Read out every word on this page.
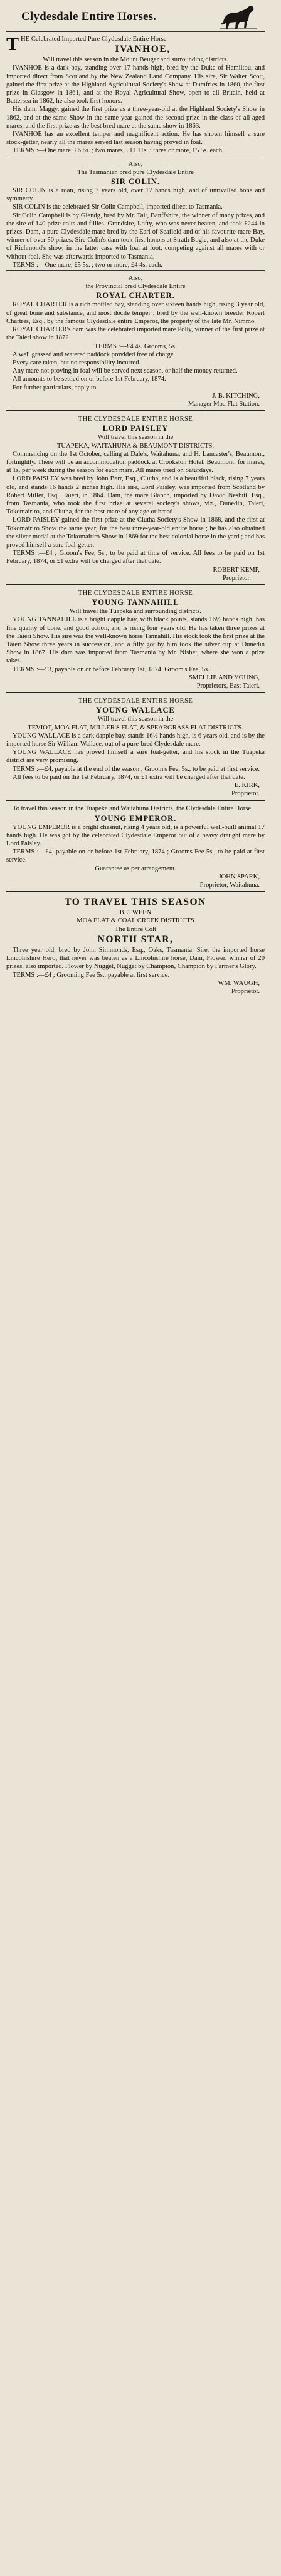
Clydesdale Entire Horses.

THE Celebrated Imported Pure Clydesdale Entire Horse

IVANHOE,

Will travel this season in the Mount Beuger and surrounding districts.

IVANHOE is a dark bay, standing over 17 hands high, bred by the Duke of Hamiltou, and imported direct from Scotland by the New Zealand Land Company. His sire, Sir Walter Scott, gained the first prize at the Highland Agricultural Society's Show at Dumfries in 1860, the first prize in Glasgow in 1861, and at the Royal Agricultural Show, open to all Britain, held at Battersea in 1862, he also took first honors.

His dam, Maggy, gained the first prize as a three-year-old at the Highland Society's Show in 1862, and at the same Show in the same year gained the second prize in the class of all-aged mares, and the first prize as the best bred mare at the same show in 1863.

IVANHOE has an excellent temper and magnificent action. He has shown himself a sure stock-getter, nearly all the mares served last season having proved in foal.

TERMS :—One mare, £6 6s. ; two mares, £11 11s. ; three or more, £5 5s. each.

Also,

The Tasmanian bred pure Clydesdale Entire

SIR COLIN.

SIR COLIN is a roan, rising 7 years old, over 17 hands high, and of unrivalled bone and symmetry.

SIR COLIN is the celebrated Sir Colin Campbell, imported direct to Tasmania.

Sir Colin Campbell is by Glendg, bred by Mr. Tait, Banffshire, the winner of many prizes, and the sire of 140 prize colts and fillies. Grandsire, Lofty, who was never beaten, and took £244 in prizes. Dam, a pure Clydesdale mare bred by the Earl of Seafield and of his favourite mare Bay, winner of over 50 prizes. Sire Colin's dam took first honors at Strath Bogie, and also at the Duke of Richmond's show, in the latter case with foal at foot, competing against all mares with or without foal. She was afterwards imported to Tasmania.

TERMS :—One mare, £5 5s. ; two or more, £4 4s. each.

Also,

the Provincial bred Clydesdale Entire

ROYAL CHARTER.

ROYAL CHARTER is a rich mottled bay, standing over sixteen hands high, rising 3 year old, of great bone and substance, and most docile temper ; bred by the well-known breeder Robert Chartres, Esq., by the famous Clydesdale entire Emperor, the property of the late Mr. Nimmo.

ROYAL CHARTER's dam was the celebrated imported mare Polly, winner of the first prize at the Taieri show in 1872.

TERMS :—£4 4s. Grooms, 5s.

A well grassed and watered paddock provided free of charge.

Every care taken, but no responsibility incurred.

Any mare not proving in foal will be served next season, or half the money returned.

All amounts to be settled on or before 1st February, 1874.

For further particulars, apply to

J. B. KITCHING,

Manager Moa Flat Station.

THE CLYDESDALE ENTIRE HORSE

LORD PAISLEY

Will travel this season in the

TUAPEKA, WAITAHUNA & BEAUMONT DISTRICTS,

Commencing on the 1st October, calling at Dale's, Waitahuna, and H. Lancaster's, Beaumont, fortnightly. There will be an accommodation paddock at Crookston Hotel, Beaumont, for mares, at 1s. per week during the season for each mare. All mares tried on Saturdays.

LORD PAISLEY was bred by John Barr, Esq., Clutha, and is a beautiful black, rising 7 years old, and stands 16 hands 2 inches high. His sire, Lord Paisley, was imported from Scotland by Robert Miller, Esq., Taieri, in 1864. Dam, the mare Blanch, imported by David Nesbitt, Esq., from Tasmania, who took the first prize at several society's shows, viz., Dunedin, Taieri, Tokomairiro, and Clutha, for the best mare of any age or breed.

LORD PAISLEY gained the first prize at the Clutha Society's Show in 1868, and the first at Tokomairiro Show the same year, for the best three-year-old entire horse ; he has also obtained the silver medal at the Tokomairiro Show in 1869 for the best colonial horse in the yard ; and has proved himself a sure foal-getter.

TERMS :—£4 ; Groom's Fee, 5s., to be paid at time of service. All fees to be paid on 1st February, 1874, or £1 extra will be charged after that date.

ROBERT KEMP,

Proprietor.

THE CLYDESDALE ENTIRE HORSE

YOUNG TANNAHILL

Will travel the Tuapeka and surrounding districts.

YOUNG TANNAHILL is a bright dapple bay, with black points, stands 16½ hands high, has fine quality of bone, and good action, and is rising four years old. He has taken three prizes at the Taieri Show. His sire was the well-known horse Tannahill. His stock took the first prize at the Taieri Show three years in succession, and a filly got by him took the silver cup at Dunedin Show in 1867. His dam was imported from Tasmania by Mr. Nisbet, where she won a prize taker.

TERMS :—£3, payable on or before February 1st, 1874. Groom's Fee, 5s.

SMELLIE AND YOUNG,

Proprietors, East Taieri.

THE CLYDESDALE ENTIRE HORSE

YOUNG WALLACE

Will travel this season in the

TEVIOT, MOA FLAT, MILLER'S FLAT, & SPEARGRASS FLAT DISTRICTS.

YOUNG WALLACE is a dark dapple bay, stands 16½ hands high, is 6 years old, and is by the imported horse Sir William Wallace, out of a pure-bred Clydesdale mare.

YOUNG WALLACE has proved himself a sure foal-getter, and his stock in the Tuapeka district are very promising.

TERMS :—£4, payable at the end of the season ; Groom's Fee, 5s., to be paid at first service.

All fees to be paid on the 1st February, 1874, or £1 extra will be charged after that date.

E. KIRK,

Proprietor.

To travel this season in the Tuapeka and Waitahuna Districts, the Clydesdale Entire Horse

YOUNG EMPEROR.

YOUNG EMPEROR is a bright chesnut, rising 4 years old, is a powerful well-built animal 17 hands high. He was got by the celebrated Clydesdale Emperor out of a heavy draught mare by Lord Paisley.

TERMS :—£4, payable on or before 1st February, 1874 ; Grooms Fee 5s., to be paid at first service.

Guarantee as per arrangement.

JOHN SPARK,

Proprietor, Waitahuna.

TO TRAVEL THIS SEASON

BETWEEN

MOA FLAT & COAL CREEK DISTRICTS

The Entire Colt

NORTH STAR,

Three year old, bred by John Simmonds, Esq., Oaks, Tasmania. Sire, the imported horse Lincolnshire Hero, that never was beaten as a Lincolnshire horse, Dam, Flower, winner of 20 prizes, also imported. Flower by Nugget, Nugget by Champion, Champion by Farmer's Glory.

TERMS :—£4 ; Grooming Fee 5s., payable at first service.

WM. WAUGH,

Proprietor.
